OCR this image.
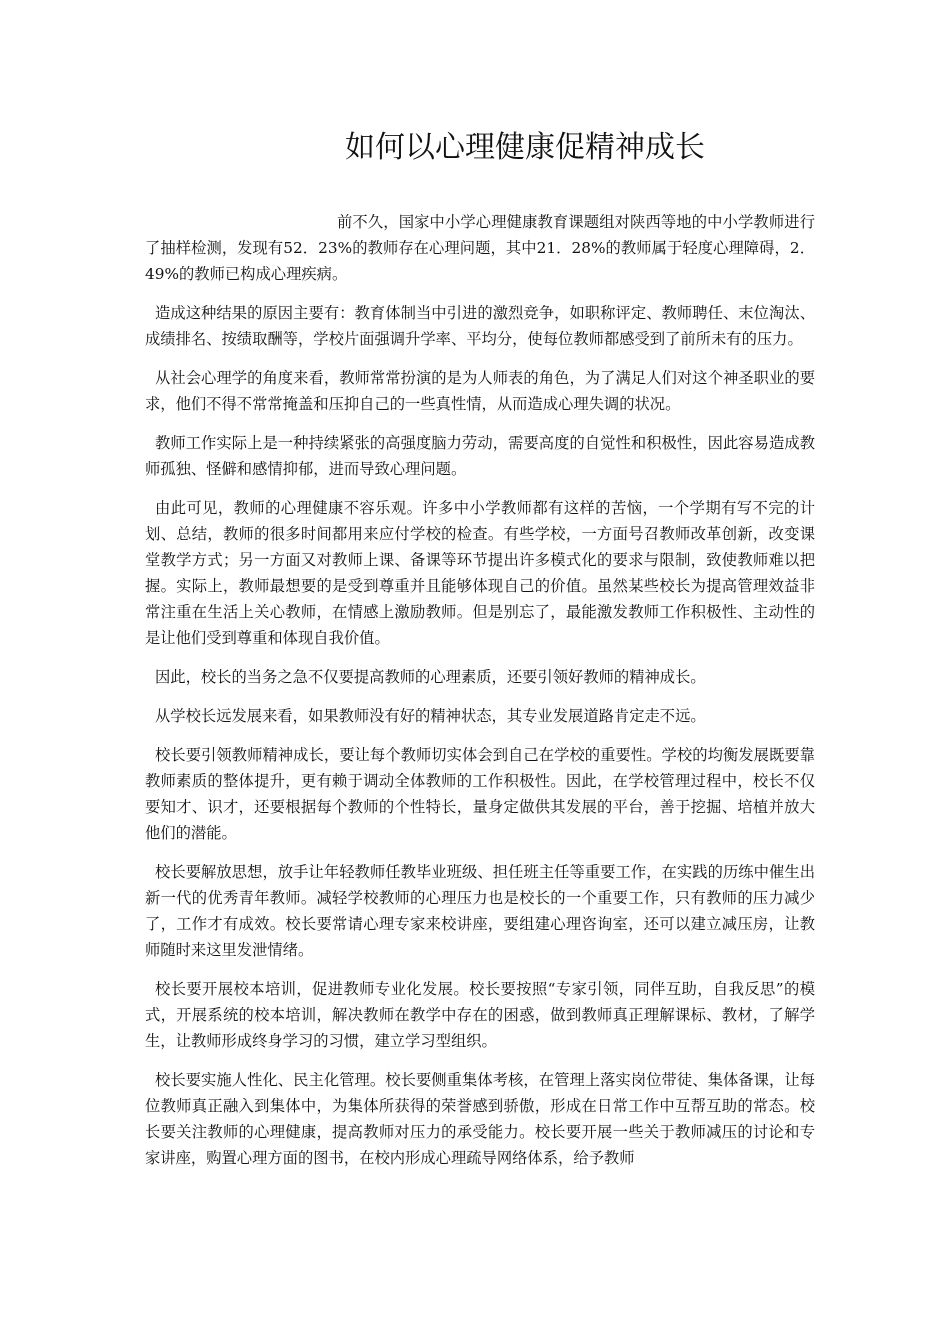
如何以心理健康促精神成长

前不久，国家中小学心理健康教育课题组对陕西等地的中小学教师进行了抽样检测，发现有52．23%的教师存在心理问题，其中21．28%的教师属于轻度心理障碍，2．49%的教师已构成心理疾病。

造成这种结果的原因主要有：教育体制当中引进的激烈竞争，如职称评定、教师聘任、末位淘汰、成绩排名、按绩取酬等，学校片面强调升学率、平均分，使每位教师都感受到了前所未有的压力。

从社会心理学的角度来看，教师常常扮演的是为人师表的角色，为了满足人们对这个神圣职业的要求，他们不得不常常掩盖和压抑自己的一些真性情，从而造成心理失调的状况。

教师工作实际上是一种持续紧张的高强度脑力劳动，需要高度的自觉性和积极性，因此容易造成教师孤独、怪僻和感情抑郁，进而导致心理问题。

由此可见，教师的心理健康不容乐观。许多中小学教师都有这样的苦恼，一个学期有写不完的计划、总结，教师的很多时间都用来应付学校的检查。有些学校，一方面号召教师改革创新，改变课堂教学方式；另一方面又对教师上课、备课等环节提出许多模式化的要求与限制，致使教师难以把握。实际上，教师最想要的是受到尊重并且能够体现自己的价值。虽然某些校长为提高管理效益非常注重在生活上关心教师，在情感上激励教师。但是别忘了，最能激发教师工作积极性、主动性的是让他们受到尊重和体现自我价值。

因此，校长的当务之急不仅要提高教师的心理素质，还要引领好教师的精神成长。

从学校长远发展来看，如果教师没有好的精神状态，其专业发展道路肯定走不远。

校长要引领教师精神成长，要让每个教师切实体会到自己在学校的重要性。学校的均衡发展既要靠教师素质的整体提升，更有赖于调动全体教师的工作积极性。因此，在学校管理过程中，校长不仅要知才、识才，还要根据每个教师的个性特长，量身定做供其发展的平台，善于挖掘、培植并放大他们的潜能。

校长要解放思想，放手让年轻教师任教毕业班级、担任班主任等重要工作，在实践的历练中催生出新一代的优秀青年教师。减轻学校教师的心理压力也是校长的一个重要工作，只有教师的压力减少了，工作才有成效。校长要常请心理专家来校讲座，要组建心理咨询室，还可以建立减压房，让教师随时来这里发泄情绪。

校长要开展校本培训，促进教师专业化发展。校长要按照“专家引领，同伴互助，自我反思”的模式，开展系统的校本培训，解决教师在教学中存在的困惑，做到教师真正理解课标、教材，了解学生，让教师形成终身学习的习惯，建立学习型组织。

校长要实施人性化、民主化管理。校长要侧重集体考核，在管理上落实岗位带徒、集体备课，让每位教师真正融入到集体中，为集体所获得的荣誉感到骄傲，形成在日常工作中互帮互助的常态。校长要关注教师的心理健康，提高教师对压力的承受能力。校长要开展一些关于教师减压的讨论和专家讲座，购置心理方面的图书，在校内形成心理疏导网络体系，给予教师
